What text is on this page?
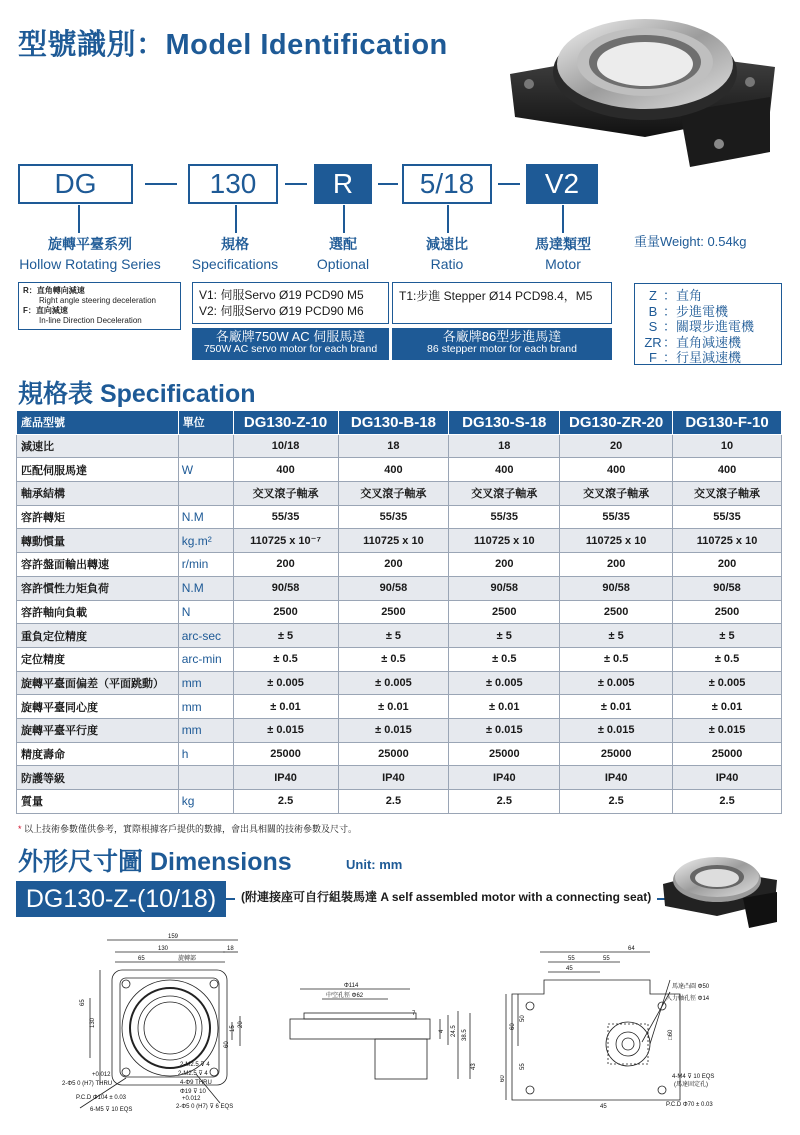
型號識別：Model Identification
DG	130	R	5/18	V2
旋轉平臺系列
Hollow Rotating Series
規格
Specifications
選配
Optional
減速比
Ratio
馬達類型
Motor
重量Weight: 0.54kg
R：直角轉向減速
Right angle steering deceleration
F：直向減速
In-line Direction Deceleration
V1: 伺服Servo Ø19 PCD90 M5
V2: 伺服Servo Ø19 PCD90 M6
各廠牌750W AC 伺服馬達
750W AC servo motor for each brand
T1:步進 Stepper Ø14 PCD98.4，M5
各廠牌86型步進馬達
86 stepper motor for each brand
Z ：直角
B ：步進電機
S ：關環步進電機
ZR：直角減速機
F ：行星減速機
規格表 Specification
產品型號	單位	DG130-Z-10	DG130-B-18	DG130-S-18	DG130-ZR-20	DG130-F-10
減速比		10/18	18	18	20	10
匹配伺服馬達	W	400	400	400	400	400
軸承結構		交叉滾子軸承	交叉滾子軸承	交叉滾子軸承	交叉滾子軸承	交叉滾子軸承
容許轉矩	N.M	55/35	55/35	55/35	55/35	55/35
轉動慣量	kg.m²	110725 x 10⁻⁷	110725 x 10	110725 x 10	110725 x 10	110725 x 10
容許盤面輸出轉速	r/min	200	200	200	200	200
容許慣性力矩負荷	N.M	90/58	90/58	90/58	90/58	90/58
容許軸向負載	N	2500	2500	2500	2500	2500
重負定位精度	arc-sec	± 5	± 5	± 5	± 5	± 5
定位精度	arc-min	± 0.5	± 0.5	± 0.5	± 0.5	± 0.5
旋轉平臺面偏差（平面跳動）	mm	± 0.005	± 0.005	± 0.005	± 0.005	± 0.005
旋轉平臺同心度	mm	± 0.01	± 0.01	± 0.01	± 0.01	± 0.01
旋轉平臺平行度	mm	± 0.015	± 0.015	± 0.015	± 0.015	± 0.015
精度壽命	h	25000	25000	25000	25000	25000
防護等級		IP40	IP40	IP40	IP40	IP40
質量	kg	2.5	2.5	2.5	2.5	2.5
* 以上技術參數僅供參考，實際根據客戶提供的數據，會出具相關的技術參數及尺寸。
外形尺寸圖 Dimensions	Unit: mm
DG130-Z-(10/18)	(附連接座可自行組裝馬達 A self assembled motor with a connecting seat)
159
130	18
65	旋轉部
130
65
20
15
60
2-M2.5 ⊽ 4
2-M2.5 ⊽ 4
4-Φ9 THRU
Φ19 ⊽ 10
+0.012
2-Φ5 0 (H7) ⊽ 6 EQS
+0.012
2-Φ5 0 (H7) THRU
P.C.D Φ104 ± 0.03
6-M5 ⊽ 10 EQS
Φ114
中空孔徑 Φ62
7
4 24.5 38.5
43
64
55	55
45
60
50
60
55
45
馬達凸圓 Φ50
入力軸孔徑 Φ14
□60
4-M4 ⊽ 10 EQS
(馬達固定孔)
P.C.D Φ70 ± 0.03
